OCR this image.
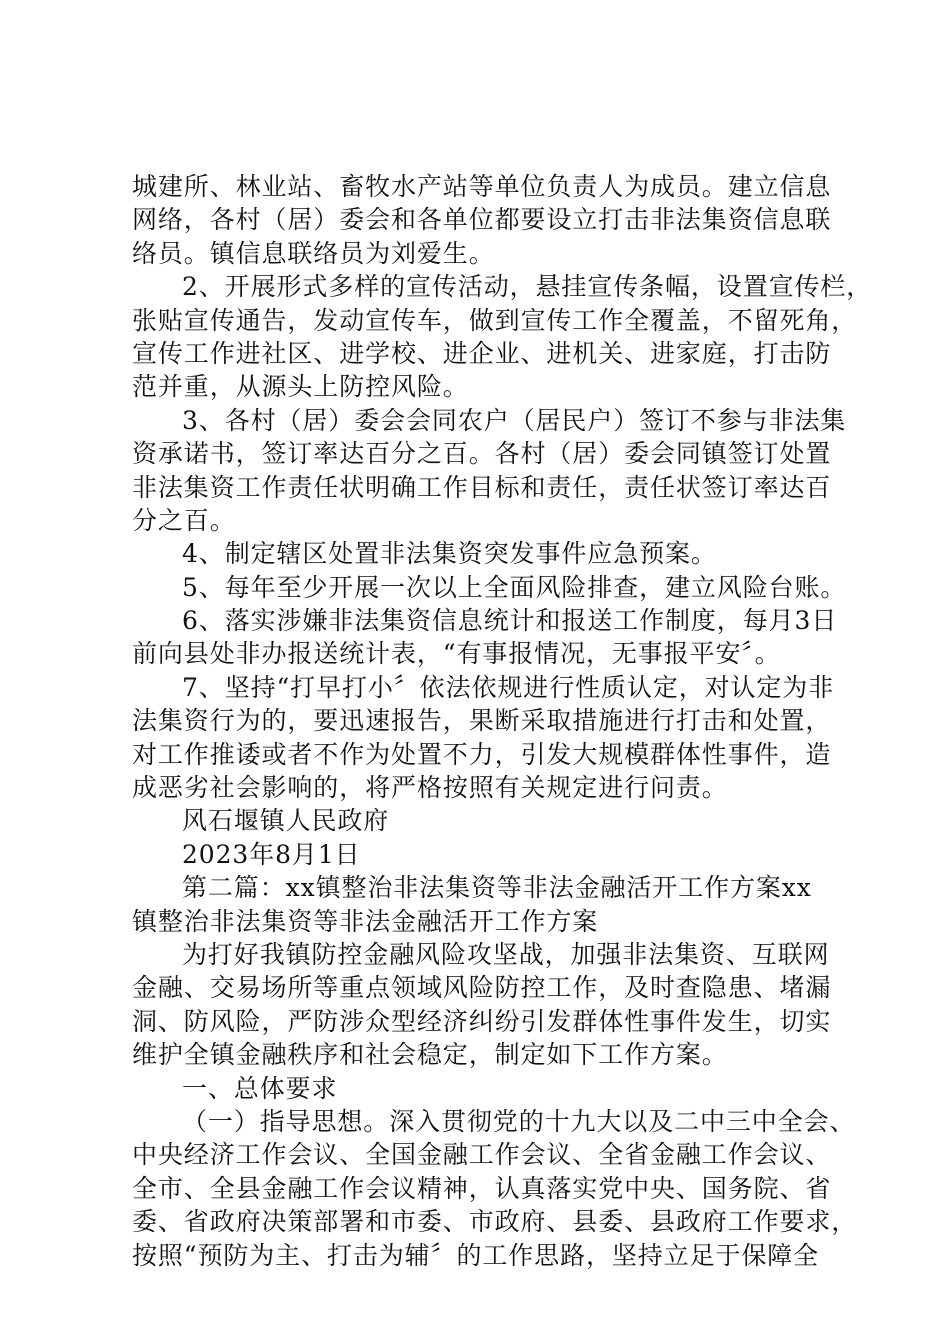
城建所、林业站、畜牧水产站等单位负责人为成员。建立信息
网络，各村（居）委会和各单位都要设立打击非法集资信息联
络员。镇信息联络员为刘爱生。
2、开展形式多样的宣传活动，悬挂宣传条幅，设置宣传栏，
张贴宣传通告，发动宣传车，做到宣传工作全覆盖，不留死角，
宣传工作进社区、进学校、进企业、进机关、进家庭，打击防
范并重，从源头上防控风险。
3、各村（居）委会会同农户（居民户）签订不参与非法集
资承诺书，签订率达百分之百。各村（居）委会同镇签订处置
非法集资工作责任状明确工作目标和责任，责任状签订率达百
分之百。
4、制定辖区处置非法集资突发事件应急预案。
5、每年至少开展一次以上全面风险排查，建立风险台账。
6、落实涉嫌非法集资信息统计和报送工作制度，每月3日
前向县处非办报送统计表，“有事报情况，无事报平安〞。
7、坚持“打早打小〞依法依规进行性质认定，对认定为非
法集资行为的，要迅速报告，果断采取措施进行打击和处置，
对工作推诿或者不作为处置不力，引发大规模群体性事件，造
成恶劣社会影响的，将严格按照有关规定进行问责。
风石堰镇人民政府
2023年8月1日
第二篇：xx镇整治非法集资等非法金融活开工作方案xx
镇整治非法集资等非法金融活开工作方案
为打好我镇防控金融风险攻坚战，加强非法集资、互联网
金融、交易场所等重点领域风险防控工作，及时查隐患、堵漏
洞、防风险，严防涉众型经济纠纷引发群体性事件发生，切实
维护全镇金融秩序和社会稳定，制定如下工作方案。
一、总体要求
（一）指导思想。深入贯彻党的十九大以及二中三中全会、
中央经济工作会议、全国金融工作会议、全省金融工作会议、
全市、全县金融工作会议精神，认真落实党中央、国务院、省
委、省政府决策部署和市委、市政府、县委、县政府工作要求，
按照“预防为主、打击为辅〞的工作思路，坚持立足于保障全
